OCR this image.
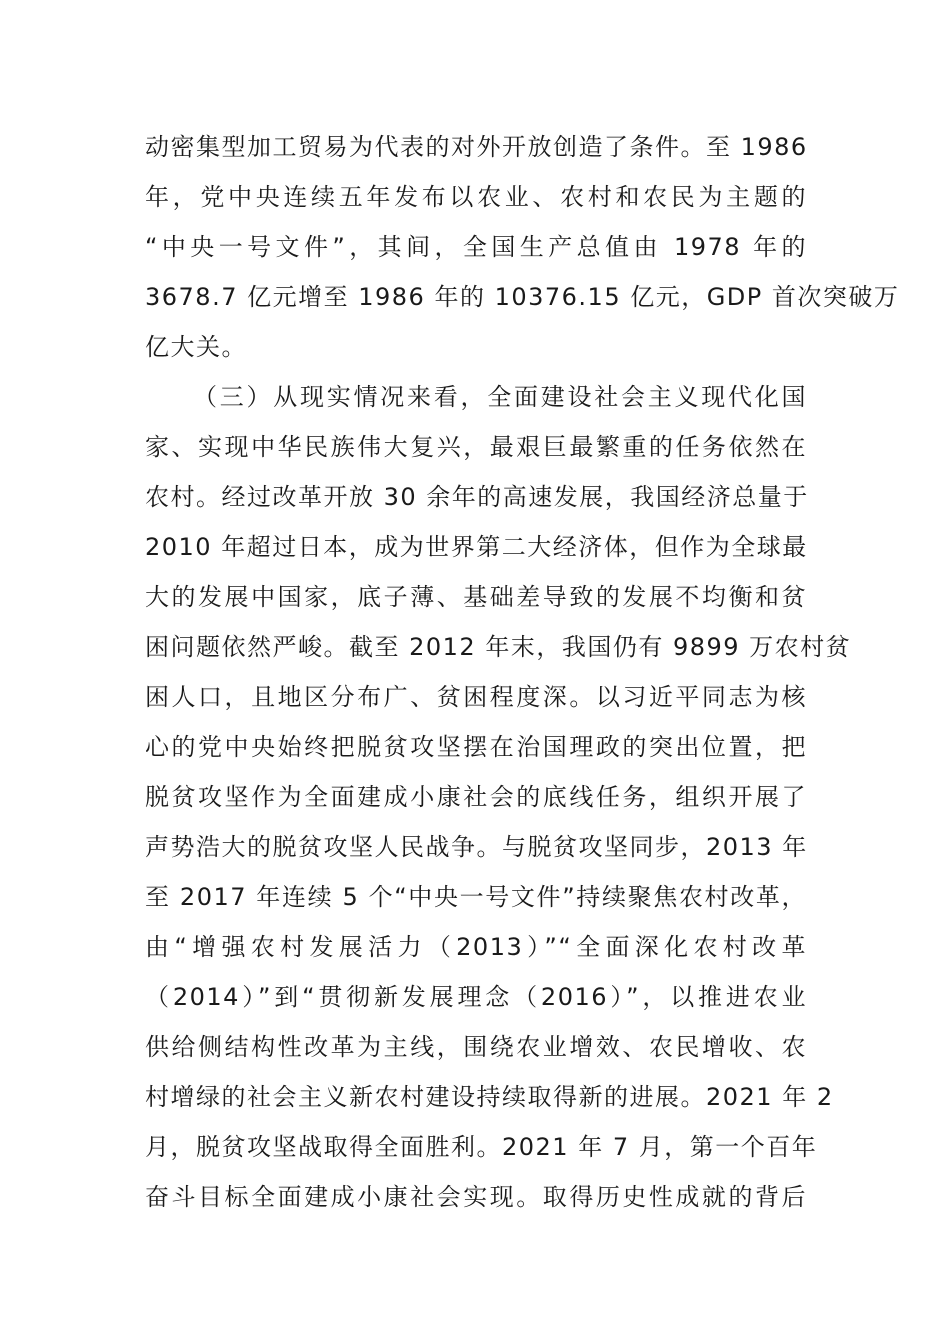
动密集型加工贸易为代表的对外开放创造了条件。至 1986
年，党中央连续五年发布以农业、农村和农民为主题的
“中央一号文件”，其间，全国生产总值由 1978 年的
3678.7 亿元增至 1986 年的 10376.15 亿元，GDP 首次突破万
亿大关。
（三）从现实情况来看，全面建设社会主义现代化国
家、实现中华民族伟大复兴，最艰巨最繁重的任务依然在
农村。经过改革开放 30 余年的高速发展，我国经济总量于
2010 年超过日本，成为世界第二大经济体，但作为全球最
大的发展中国家，底子薄、基础差导致的发展不均衡和贫
困问题依然严峻。截至 2012 年末，我国仍有 9899 万农村贫
困人口，且地区分布广、贫困程度深。以习近平同志为核
心的党中央始终把脱贫攻坚摆在治国理政的突出位置，把
脱贫攻坚作为全面建成小康社会的底线任务，组织开展了
声势浩大的脱贫攻坚人民战争。与脱贫攻坚同步，2013 年
至 2017 年连续 5 个“中央一号文件”持续聚焦农村改革，
由“增强农村发展活力（2013）”“全面深化农村改革
（2014）”到“贯彻新发展理念（2016）”，以推进农业
供给侧结构性改革为主线，围绕农业增效、农民增收、农
村增绿的社会主义新农村建设持续取得新的进展。2021 年 2
月，脱贫攻坚战取得全面胜利。2021 年 7 月，第一个百年
奋斗目标全面建成小康社会实现。取得历史性成就的背后
